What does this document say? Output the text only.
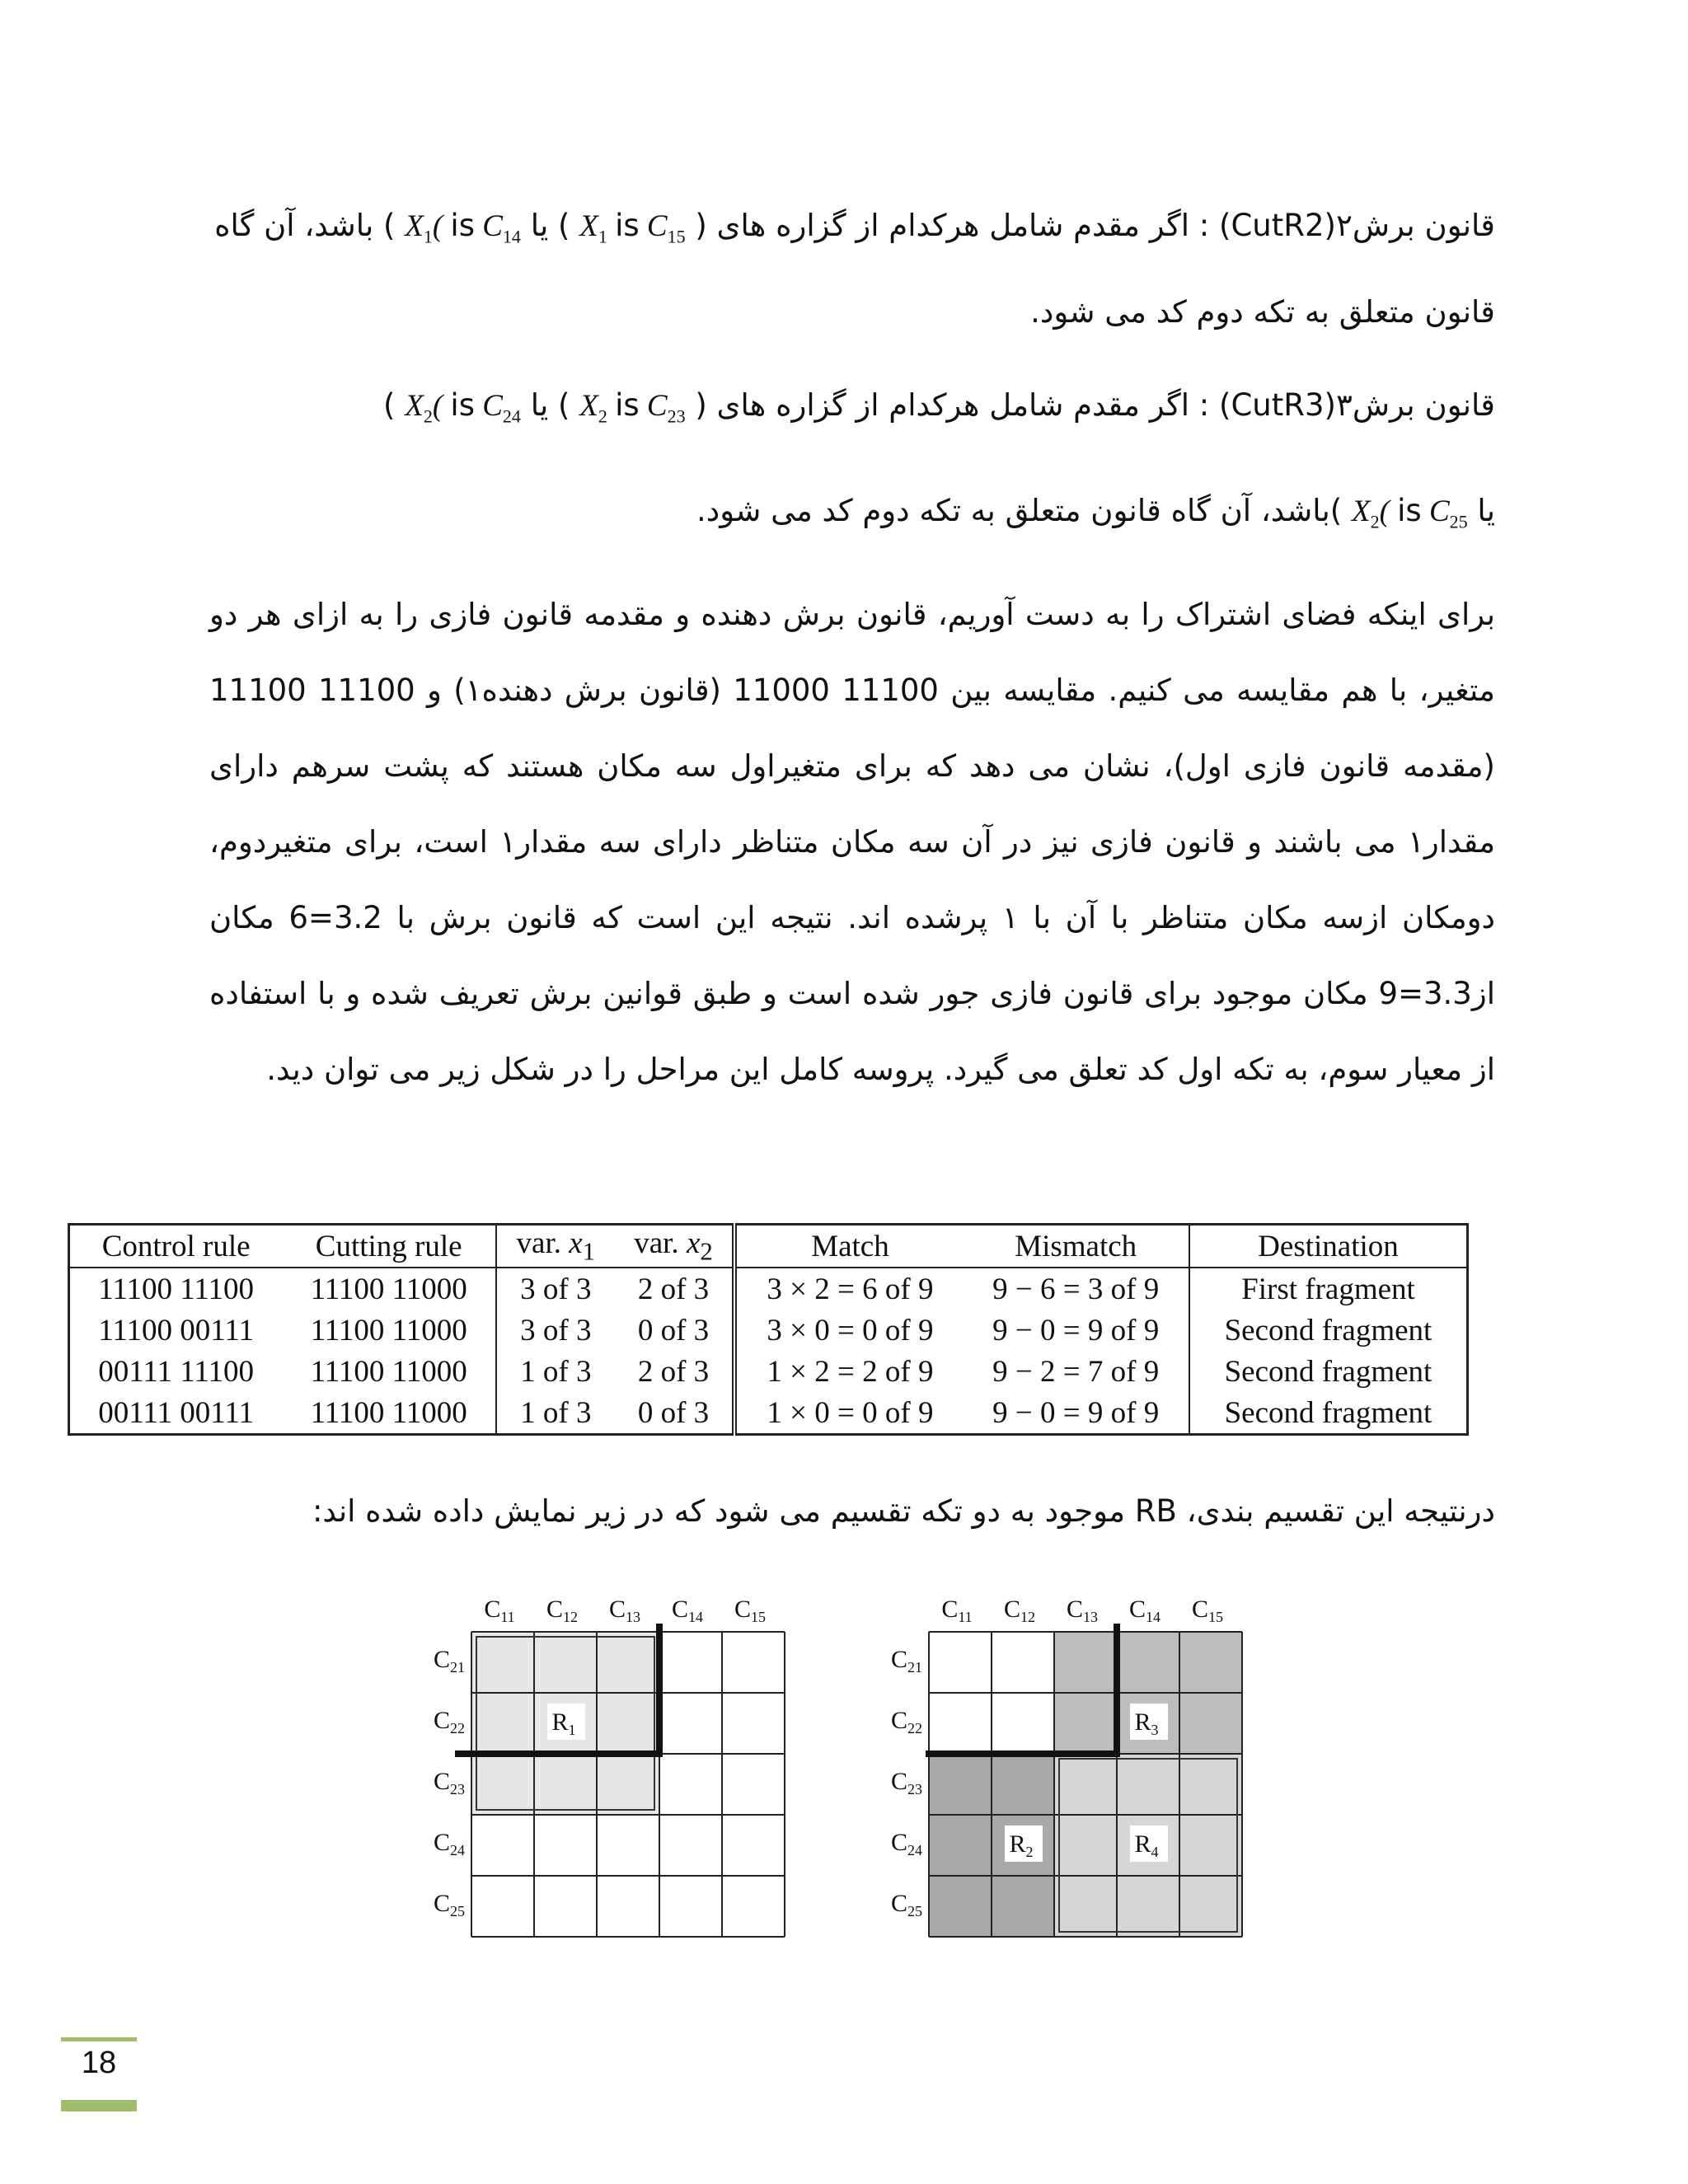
قانون برش۲(CutR2) : اگر مقدم شامل هرکدام از گزاره های ( $X_1$ is $C_{15}$ ) یا $X_1$( is $C_{14}$ ) باشد، آن گاه قانون متعلق به تکه دوم کد می شود.

قانون برش۳(CutR3) : اگر مقدم شامل هرکدام از گزاره های ( $X_2$ is $C_{23}$ ) یا $X_2$( is $C_{24}$ )

یا $X_2$( is $C_{25}$ )باشد، آن گاه قانون متعلق به تکه دوم کد می شود.

برای اینکه فضای اشتراک را به دست آوریم، قانون برش دهنده و مقدمه قانون فازی را به ازای هر دو متغیر، با هم مقایسه می کنیم. مقایسه بین 11100 11000 (قانون برش دهنده۱) و 11100 11100 (مقدمه قانون فازی اول)، نشان می دهد که برای متغیراول سه مکان هستند که پشت سرهم دارای مقدار۱ می باشند و قانون فازی نیز در آن سه مکان متناظر دارای سه مقدار۱ است، برای متغیردوم، دومکان ازسه مکان متناظر با آن با ۱ پرشده اند. نتیجه این است که قانون برش با 3.2=6 مکان از3.3=9 مکان موجود برای قانون فازی جور شده است و طبق قوانین برش تعریف شده و با استفاده از معیار سوم، به تکه اول کد تعلق می گیرد. پروسه کامل این مراحل را در شکل زیر می توان دید.

Control rule	Cutting rule	var. $x_1$	var. $x_2$	Match	Mismatch	Destination
11100 11100	11100 11000	3 of 3	2 of 3	3 × 2 = 6 of 9	9 − 6 = 3 of 9	First fragment
11100 00111	11100 11000	3 of 3	0 of 3	3 × 0 = 0 of 9	9 − 0 = 9 of 9	Second fragment
00111 11100	11100 11000	1 of 3	2 of 3	1 × 2 = 2 of 9	9 − 2 = 7 of 9	Second fragment
00111 00111	11100 11000	1 of 3	0 of 3	1 × 0 = 0 of 9	9 − 0 = 9 of 9	Second fragment

درنتیجه این تقسیم بندی، RB موجود به دو تکه تقسیم می شود که در زیر نمایش داده شده اند:

$R_1$
$C_{11}$ $C_{12}$ $C_{13}$ $C_{14}$ $C_{15}$
$C_{21}$
$C_{22}$
$C_{23}$
$C_{24}$
$C_{25}$
$R_3$
$R_2$	$R_4$
$C_{11}$ $C_{12}$ $C_{13}$ $C_{14}$ $C_{15}$
$C_{21}$
$C_{22}$
$C_{23}$
$C_{24}$
$C_{25}$
18
